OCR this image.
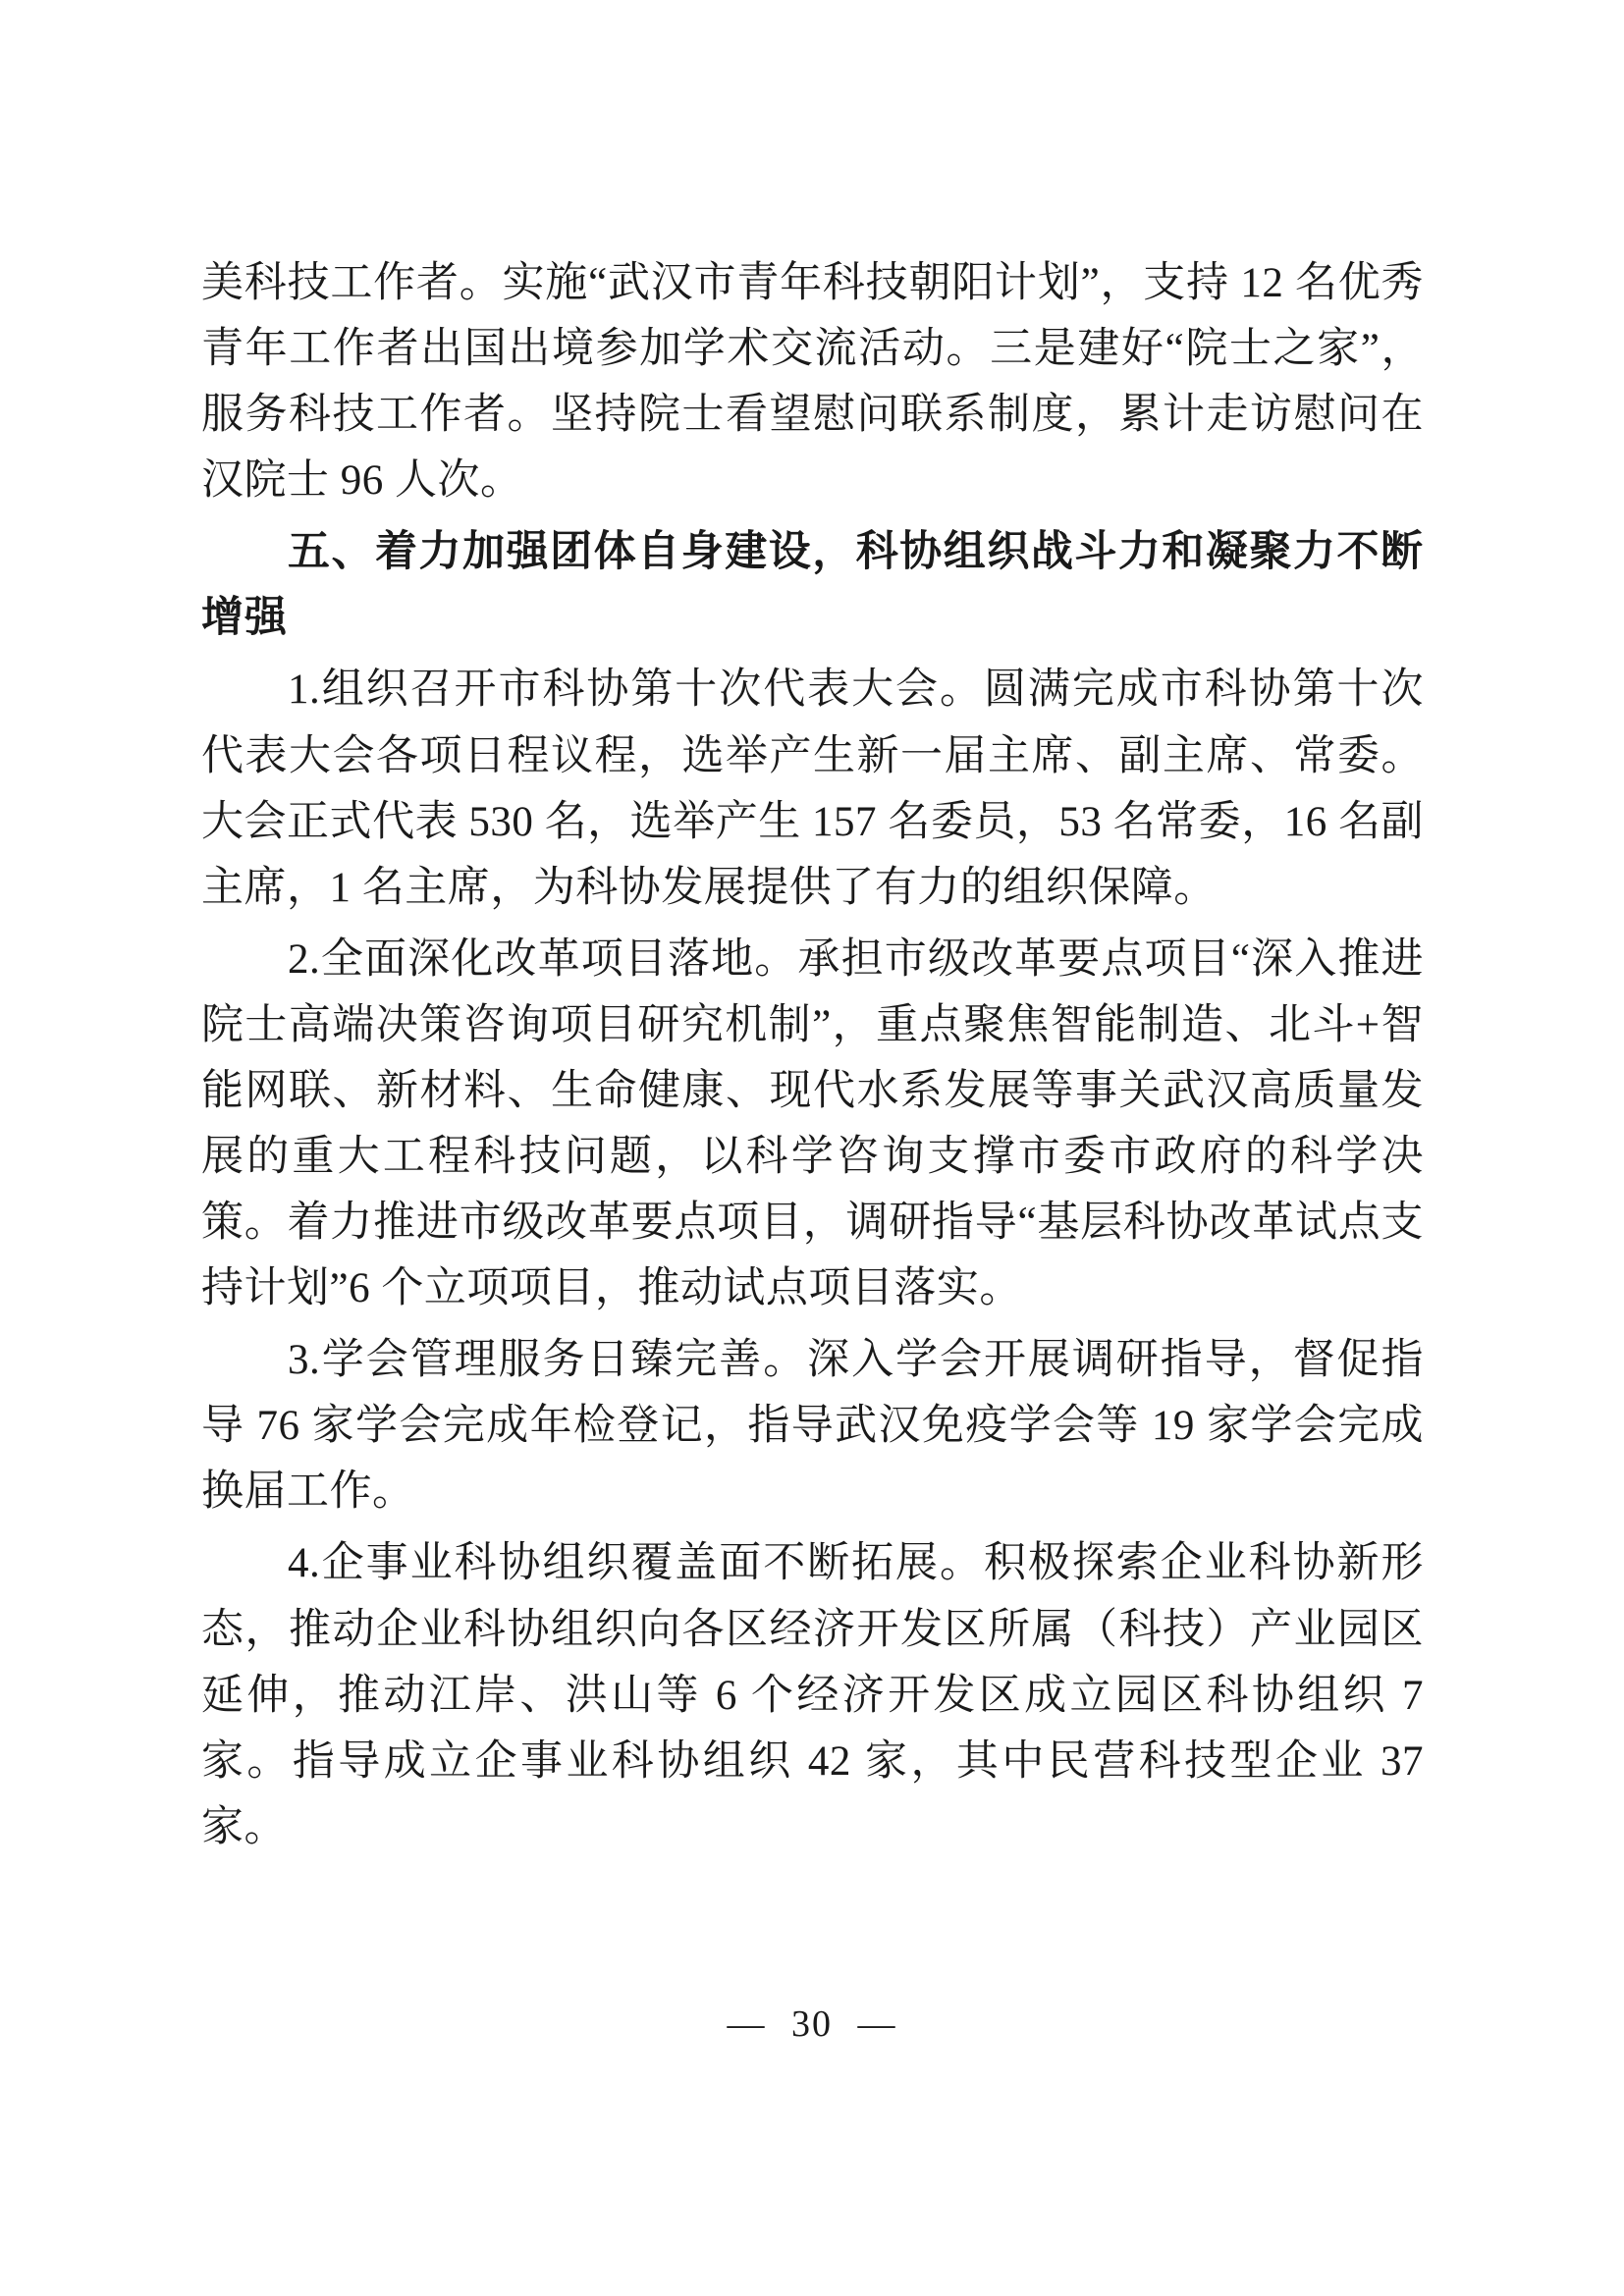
美科技工作者。实施“武汉市青年科技朝阳计划”，支持 12 名优秀青年工作者出国出境参加学术交流活动。三是建好“院士之家”，服务科技工作者。坚持院士看望慰问联系制度，累计走访慰问在汉院士 96 人次。

五、着力加强团体自身建设，科协组织战斗力和凝聚力不断增强

1.组织召开市科协第十次代表大会。圆满完成市科协第十次代表大会各项日程议程，选举产生新一届主席、副主席、常委。大会正式代表 530 名，选举产生 157 名委员，53 名常委，16 名副主席，1 名主席，为科协发展提供了有力的组织保障。

2.全面深化改革项目落地。承担市级改革要点项目“深入推进院士高端决策咨询项目研究机制”，重点聚焦智能制造、北斗+智能网联、新材料、生命健康、现代水系发展等事关武汉高质量发展的重大工程科技问题，以科学咨询支撑市委市政府的科学决策。着力推进市级改革要点项目，调研指导“基层科协改革试点支持计划”6 个立项项目，推动试点项目落实。

3.学会管理服务日臻完善。深入学会开展调研指导，督促指导 76 家学会完成年检登记，指导武汉免疫学会等 19 家学会完成换届工作。

4.企事业科协组织覆盖面不断拓展。积极探索企业科协新形态，推动企业科协组织向各区经济开发区所属（科技）产业园区延伸，推动江岸、洪山等 6 个经济开发区成立园区科协组织 7 家。指导成立企事业科协组织 42 家，其中民营科技型企业 37 家。

— 30 —
